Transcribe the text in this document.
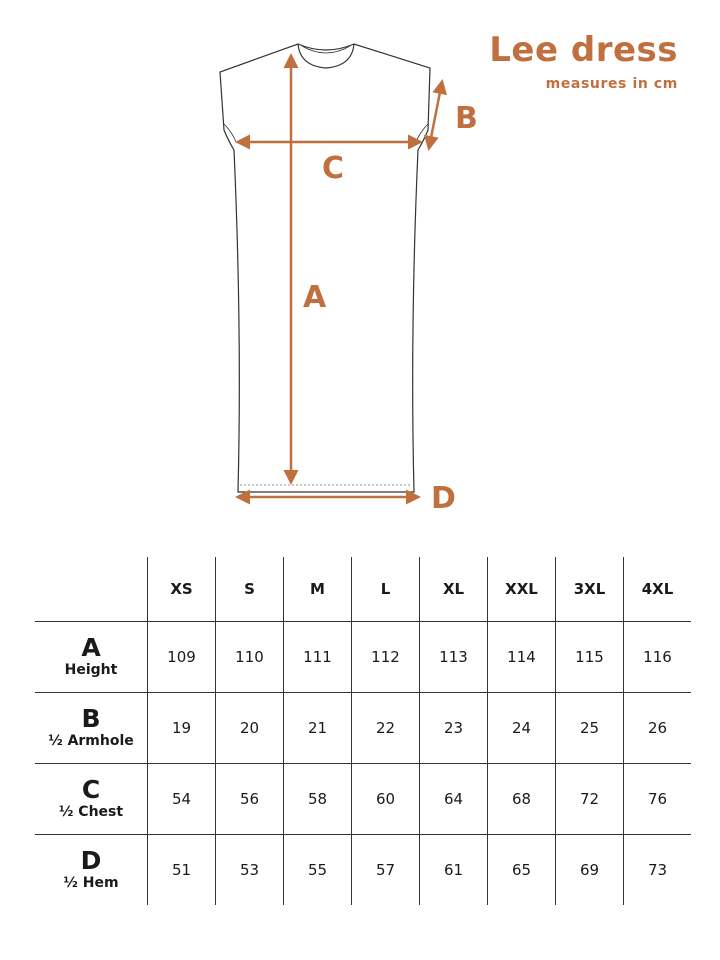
Lee dress
measures in cm
A
B
C
D
	XS	S	M	L	XL	XXL	3XL	4XL

A
Height	109	110	111	112	113	114	115	116

B
½ Armhole	19	20	21	22	23	24	25	26

C
½ Chest	54	56	58	60	64	68	72	76

D
½ Hem	51	53	55	57	61	65	69	73
